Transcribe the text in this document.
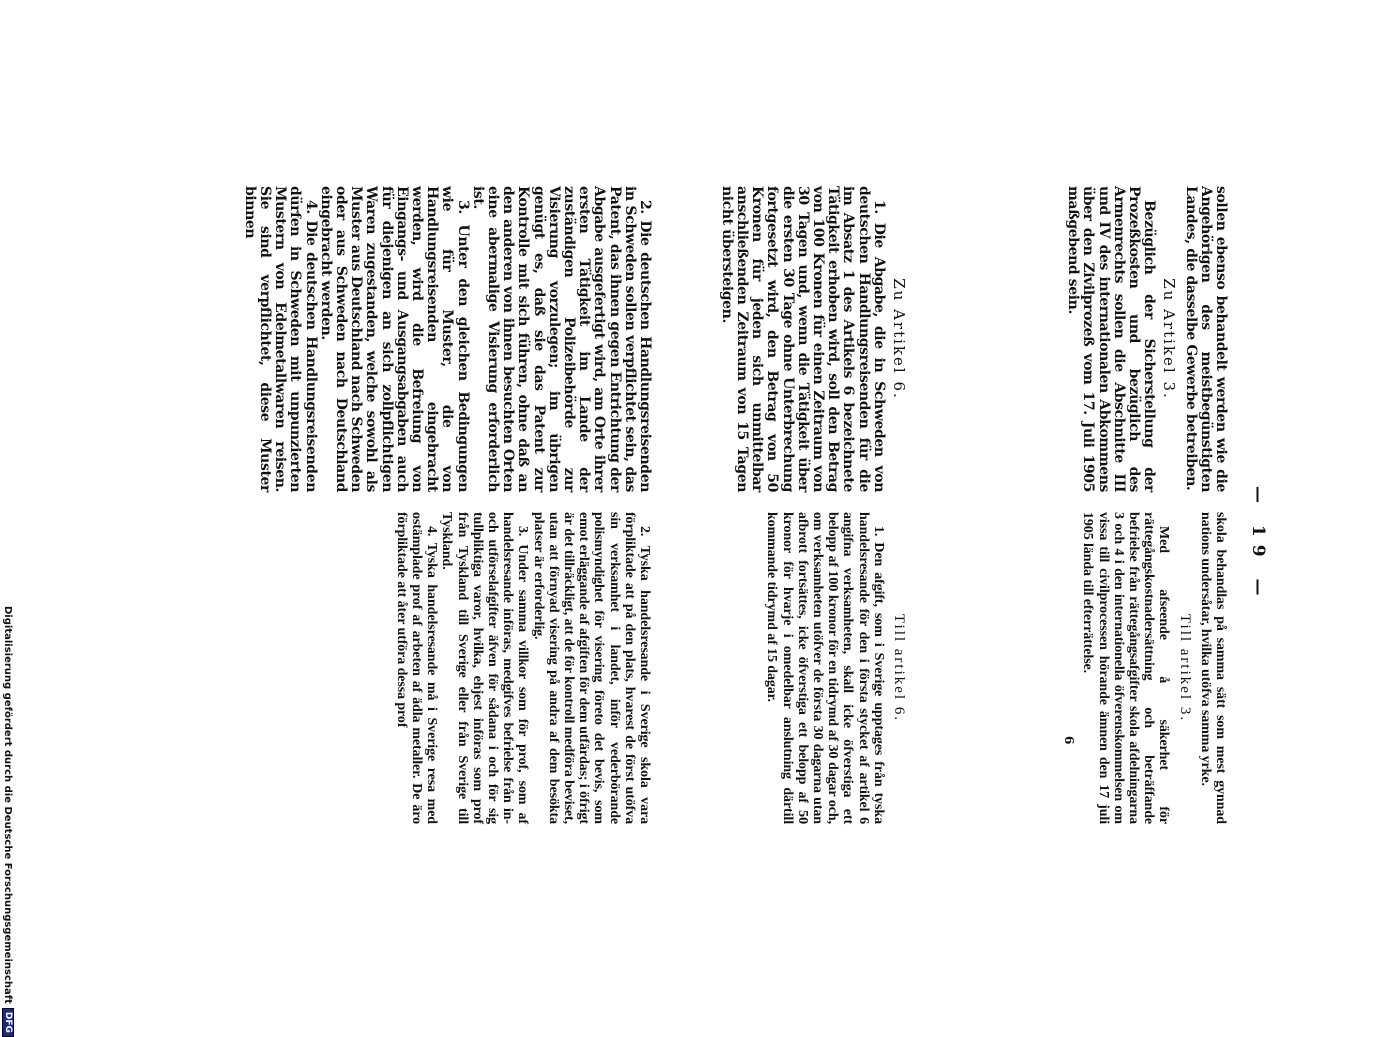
sollen ebenso behandelt werden wie die Angehörigen des meistbegünstigten Landes, die dasselbe Gewerbe betreiben.

Zu Artikel 3.

Bezüglich der Sicherstellung der Prozeßkosten und bezüglich des Armenrechts sollen die Abschnitte III und IV des internationalen Abkommens über den Zivilprozeß vom 17. Juli 1905 maßgebend sein.

Zu Artikel 6.

1. Die Abgabe, die in Schweden von deutschen Handlungsreisenden für die im Absatz 1 des Artikels 6 bezeichnete Tätigkeit erhoben wird, soll den Betrag von 100 Kronen für einen Zeitraum von 30 Tagen und, wenn die Tätigkeit über die ersten 30 Tage ohne Unterbrechung fortgesetzt wird, den Betrag von 50 Kronen für jeden sich unmittelbar anschließenden Zeitraum von 15 Tagen nicht übersteigen.

2. Die deutschen Handlungsreisenden in Schweden sollen verpflichtet sein, das Patent, das ihnen gegen Entrichtung der Abgabe ausgefertigt wird, am Orte ihrer ersten Tätigkeit im Lande der zuständigen Polizeibehörde zur Visierung vorzulegen; im übrigen genügt es, daß sie das Patent zur Kontrolle mit sich führen, ohne daß an den anderen von ihnen besuchten Orten eine abermalige Visierung erforderlich ist.

3. Unter den gleichen Bedingungen wie für Muster, die von Handlungsreisenden eingebracht werden, wird die Befreiung von Eingangs- und Ausgangsabgaben auch für diejenigen an sich zollpflichtigen Waren zugestanden, welche sowohl als Muster aus Deutschland nach Schweden oder aus Schweden nach Deutschland eingebracht werden.

4. Die deutschen Handlungsreisenden dürfen in Schweden mit unpunzierten Mustern von Edelmetallwaren reisen. Sie sind verpflichtet, diese Muster binnen

skola behandlas på samma sätt som mest gynnad nations undersåtar, hvilka utöfva samma yrke.

Till artikel 3.

Med afseende å säkerhet för rättegångskostnadersättning och beträffande befrielse från rättegångsafgifter skola afdelningarna 3 och 4 i den internationella öfverenskommelsen om vissa till civilprocessen hörande ämnen den 17 juli 1905 lända till efterrättelse.

Till artikel 6.

1. Den afgift, som i Sverige upptages från tyska handelsresande för den i första stycket af artikel 6 angifna verksamheten, skall icke öfverstiga ett belopp af 100 kronor för en tidrymd af 30 dagar och, om verksamheten utöfver de första 30 dagarna utan afbrott fortsättes, icke öfverstiga ett belopp af 50 kronor för hvarje i omedelbar anslutning därtill kommande tidrymd af 15 dagar.

2. Tyska handelsresande i Sverige skola vara förpliktade att på den plats, hvarest de först utöfva sin verksamhet i landet, inför vederbörande polismyndighet för visering företo det bevis, som emot erläggande af afgiften för dem utfärdas; i öfrigt är det tillräckligt, att de för kontroll medföra beviset, utan att förnyad visering på andra af dem besökta platser är erforderlig.

3. Under samma villkor som för prof, som af handelsresande införas, medgifves befrielse från in- och utförselafgifter äfven för sådana i och för sig tullpliktiga varor, hvilka, ehjest införas som prof från Tyskland till Sverige eller från Sverige till Tyskland.

4. Tyska handelsresande må i Sverige resa med ostämplade prof af arbeten af ädla metaller. De äro förpliktade att åter utföra dessa prof	— 19 —
6
Digitalisierung gefördert durch die Deutsche Forschungsgemeinschaft
DFG
